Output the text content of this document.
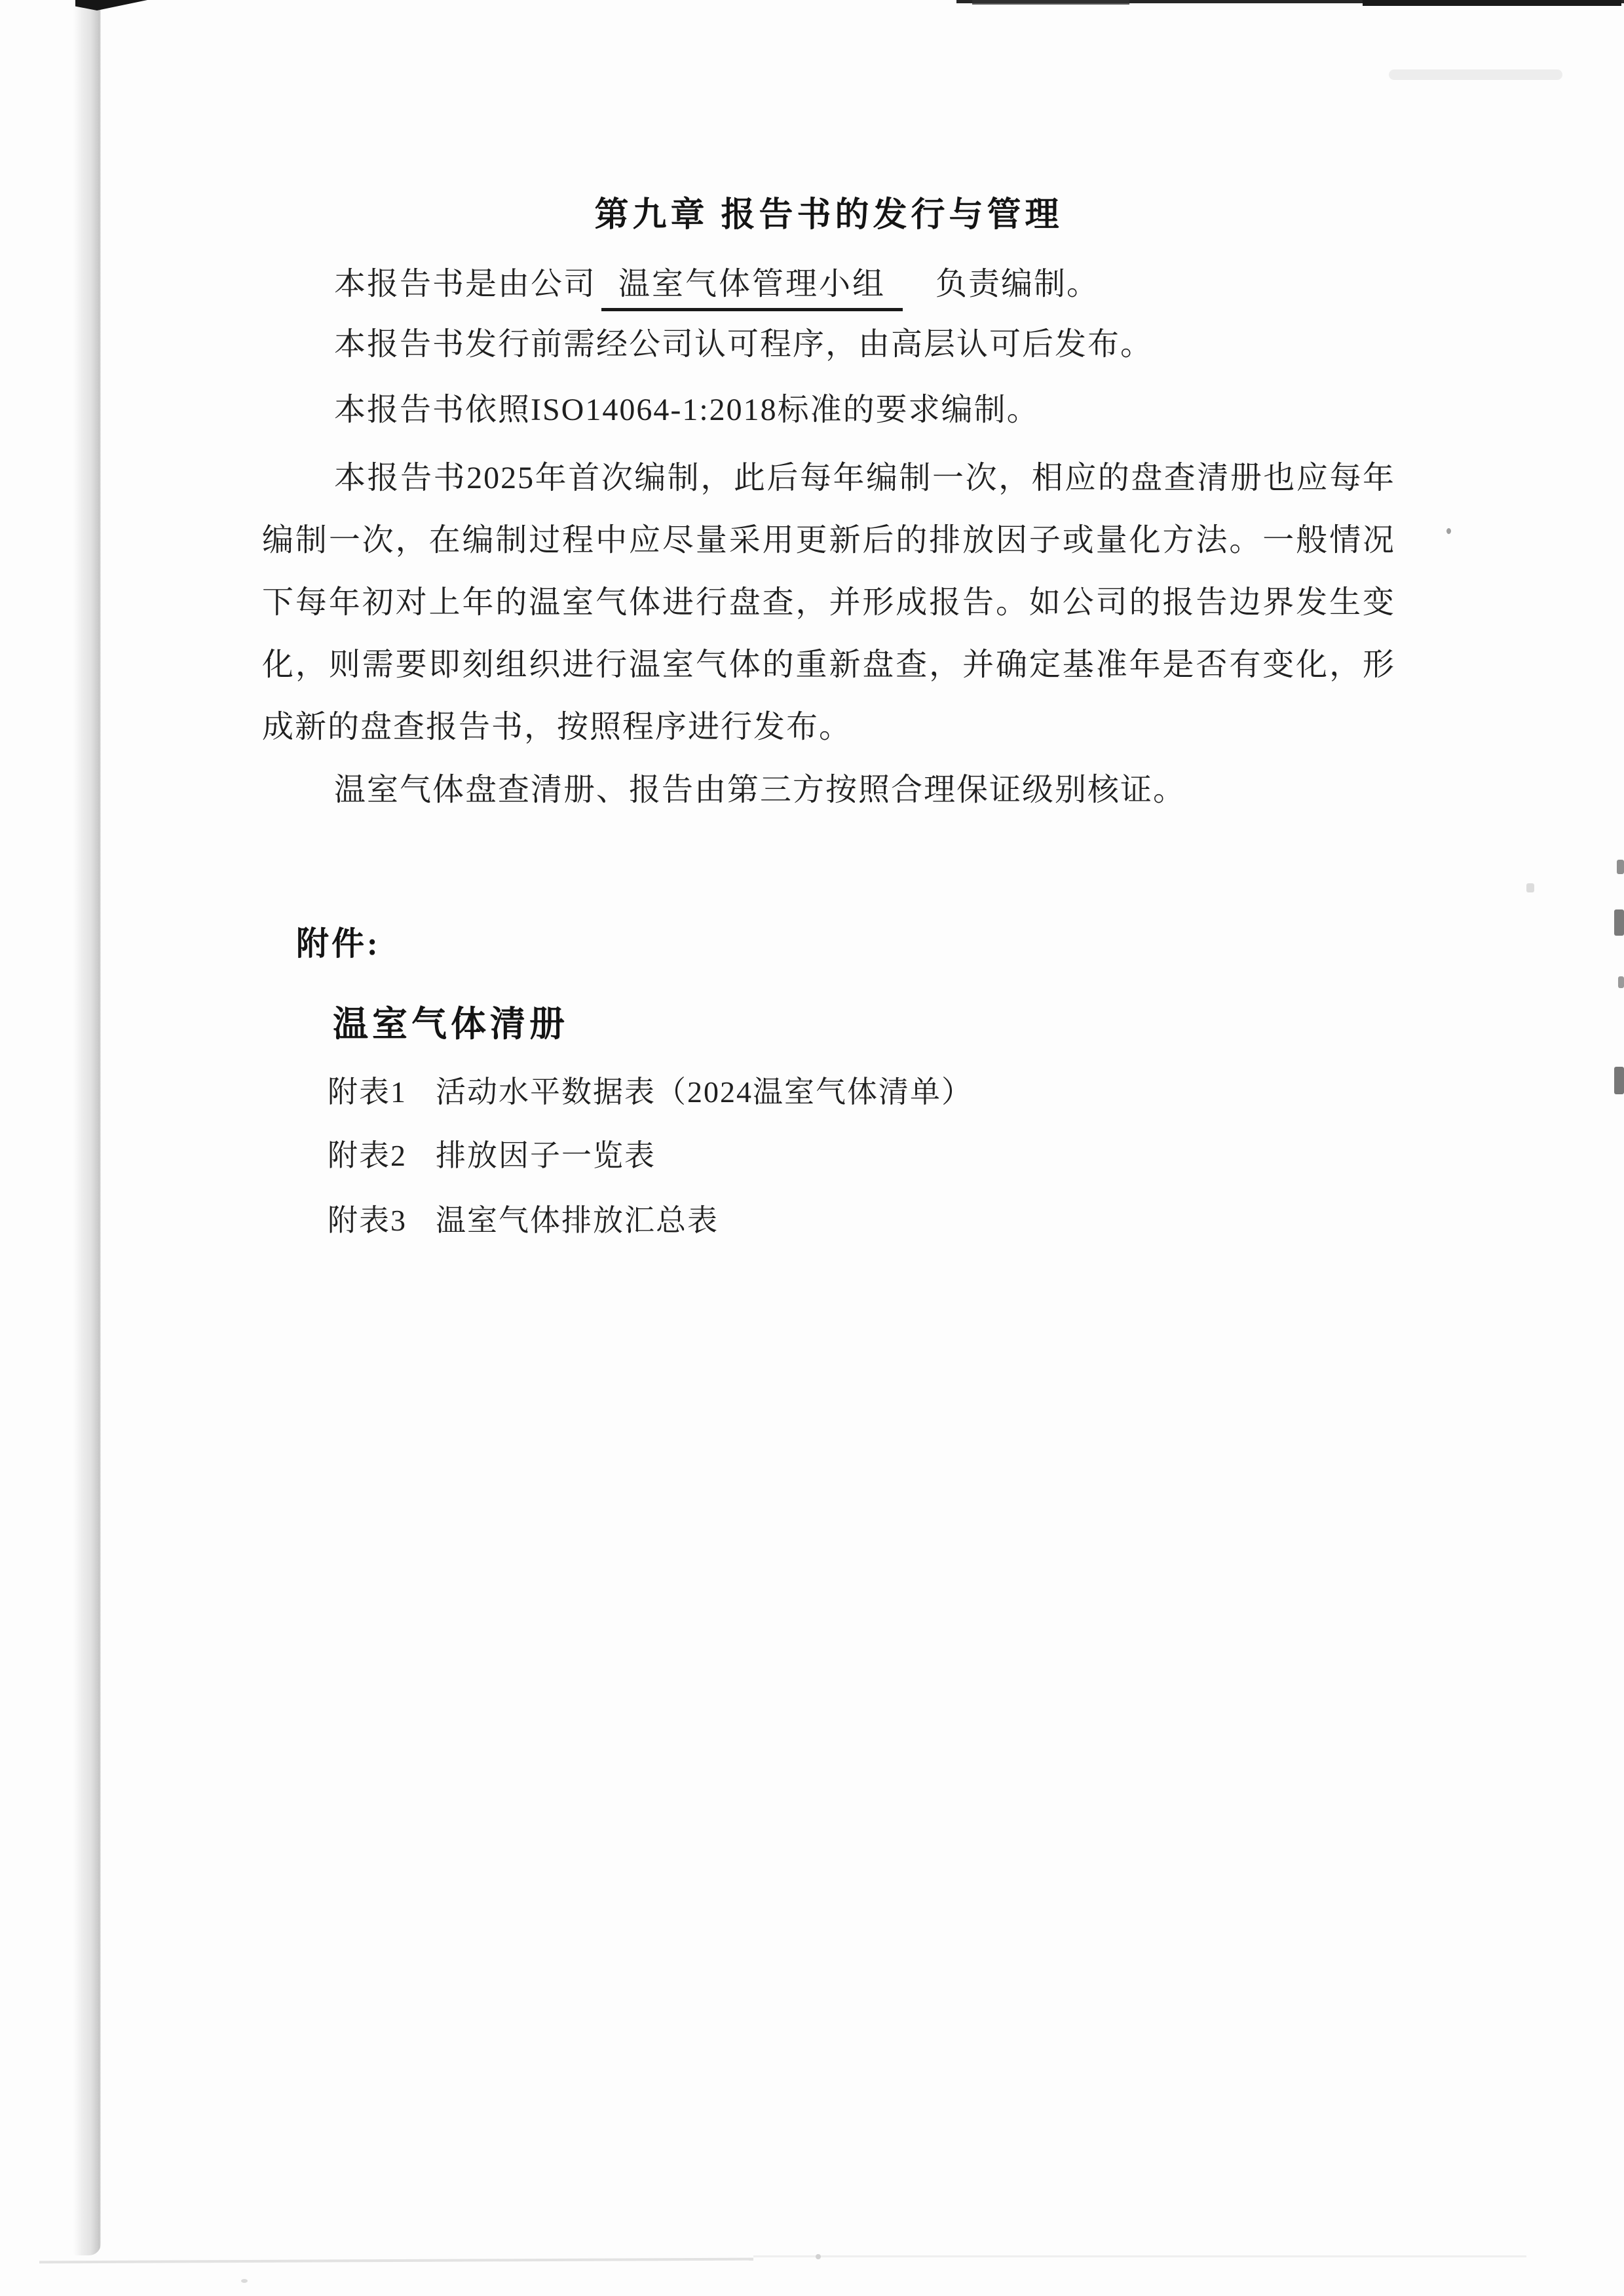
第九章 报告书的发行与管理
本报告书是由公司 温室气体管理小组 负责编制。
本报告书发行前需经公司认可程序，由高层认可后发布。
本报告书依照ISO14064-1:2018标准的要求编制。
本报告书2025年首次编制，此后每年编制一次，相应的盘查清册也应每年
编制一次，在编制过程中应尽量采用更新后的排放因子或量化方法。一般情况
下每年初对上年的温室气体进行盘查，并形成报告。如公司的报告边界发生变
化，则需要即刻组织进行温室气体的重新盘查，并确定基准年是否有变化，形
成新的盘查报告书，按照程序进行发布。
温室气体盘查清册、报告由第三方按照合理保证级别核证。
附件:
温室气体清册
附表1 活动水平数据表（2024温室气体清单）
附表2 排放因子一览表
附表3 温室气体排放汇总表
